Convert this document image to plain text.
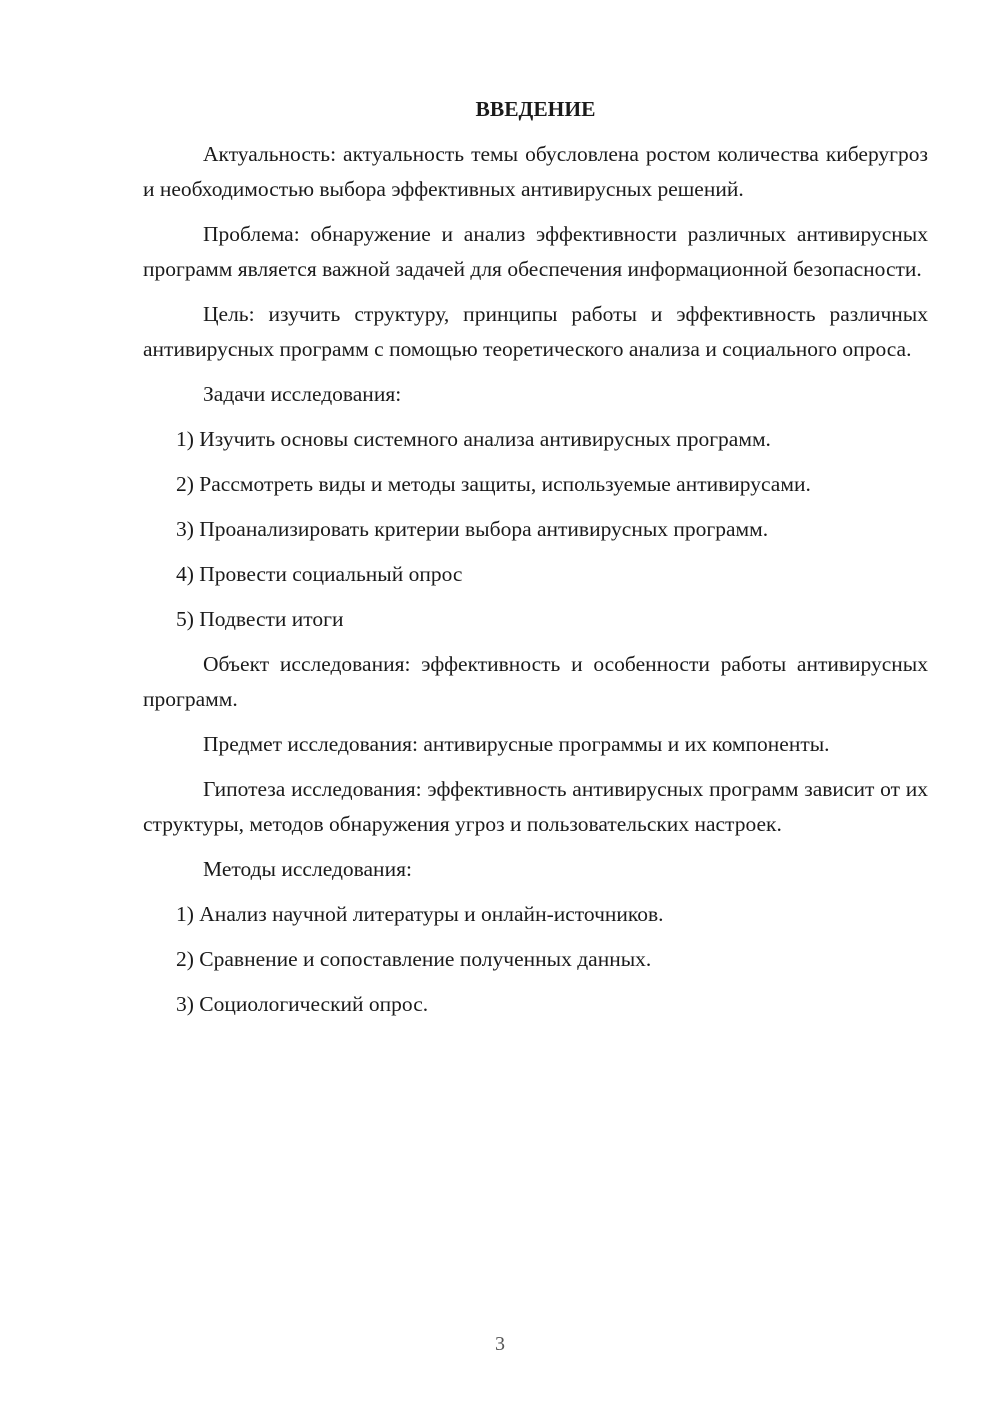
ВВЕДЕНИЕ
Актуальность: актуальность темы обусловлена ростом количества киберугроз и необходимостью выбора эффективных антивирусных решений.
Проблема: обнаружение и анализ эффективности различных антивирусных программ является важной задачей для обеспечения информационной безопасности.
Цель: изучить структуру, принципы работы и эффективность различных антивирусных программ с помощью теоретического анализа и социального опроса.
Задачи исследования:
1) Изучить основы системного анализа антивирусных программ.
2) Рассмотреть виды и методы защиты, используемые антивирусами.
3) Проанализировать критерии выбора антивирусных программ.
4) Провести социальный опрос
5) Подвести итоги
Объект исследования: эффективность и особенности работы антивирусных программ.
Предмет исследования: антивирусные программы и их компоненты.
Гипотеза исследования: эффективность антивирусных программ зависит от их структуры, методов обнаружения угроз и пользовательских настроек.
Методы исследования:
1) Анализ научной литературы и онлайн-источников.
2) Сравнение и сопоставление полученных данных.
3) Социологический опрос.
3
